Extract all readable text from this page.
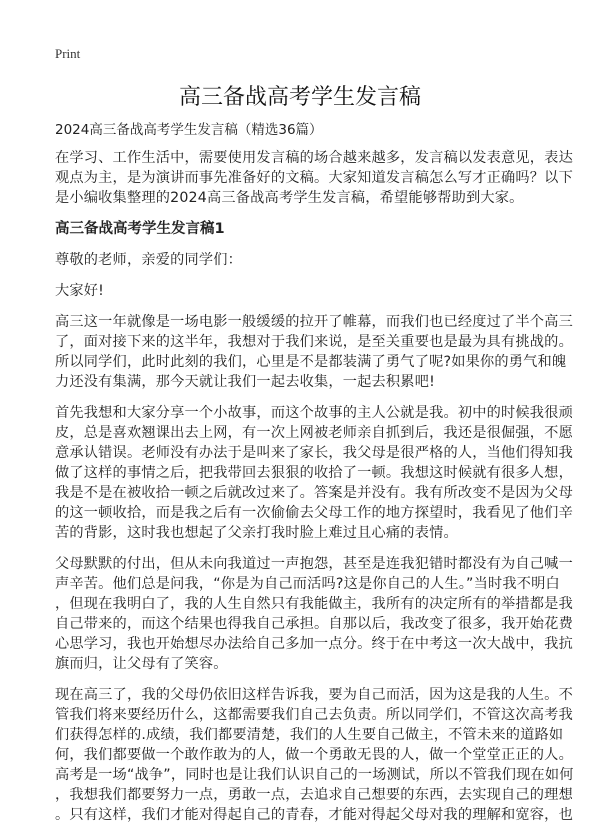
Print
高三备战高考学生发言稿
2024高三备战高考学生发言稿（精选36篇）
在学习、工作生活中，需要使用发言稿的场合越来越多，发言稿以发表意见，表达
观点为主，是为演讲而事先准备好的文稿。大家知道发言稿怎么写才正确吗？以下
是小编收集整理的2024高三备战高考学生发言稿，希望能够帮助到大家。
高三备战高考学生发言稿1
尊敬的老师，亲爱的同学们：
大家好!
高三这一年就像是一场电影一般缓缓的拉开了帷幕，而我们也已经度过了半个高三
了，面对接下来的这半年，我想对于我们来说，是至关重要也是最为具有挑战的。
所以同学们，此时此刻的我们，心里是不是都装满了勇气了呢?如果你的勇气和魄
力还没有集满，那今天就让我们一起去收集，一起去积累吧!
首先我想和大家分享一个小故事，而这个故事的主人公就是我。初中的时候我很顽
皮，总是喜欢翘课出去上网，有一次上网被老师亲自抓到后，我还是很倔强，不愿
意承认错误。老师没有办法于是叫来了家长，我父母是很严格的人，当他们得知我
做了这样的事情之后，把我带回去狠狠的收拾了一顿。我想这时候就有很多人想，
我是不是在被收拾一顿之后就改过来了。答案是并没有。我有所改变不是因为父母
的这一顿收拾，而是我之后有一次偷偷去父母工作的地方探望时，我看见了他们辛
苦的背影，这时我也想起了父亲打我时脸上难过且心痛的表情。
父母默默的付出，但从未向我道过一声抱怨，甚至是连我犯错时都没有为自己喊一
声辛苦。他们总是问我，“你是为自己而活吗?这是你自己的人生。”当时我不明白
，但现在我明白了，我的人生自然只有我能做主，我所有的决定所有的举措都是我
自己带来的，而这个结果也得我自己承担。自那以后，我改变了很多，我开始花费
心思学习，我也开始想尽办法给自己多加一点分。终于在中考这一次大战中，我抗
旗而归，让父母有了笑容。
现在高三了，我的父母仍依旧这样告诉我，要为自己而活，因为这是我的人生。不
管我们将来要经历什么，这都需要我们自己去负责。所以同学们，不管这次高考我
们获得怎样的.成绩，我们都要清楚，我们的人生要自己做主，不管未来的道路如
何，我们都要做一个敢作敢为的人，做一个勇敢无畏的人，做一个堂堂正正的人。
高考是一场“战争”，同时也是让我们认识自己的一场测试，所以不管我们现在如何
，我想我们都要努力一点，勇敢一点，去追求自己想要的东西，去实现自己的理想
。只有这样，我们才能对得起自己的青春，才能对得起父母对我的理解和宽容，也
